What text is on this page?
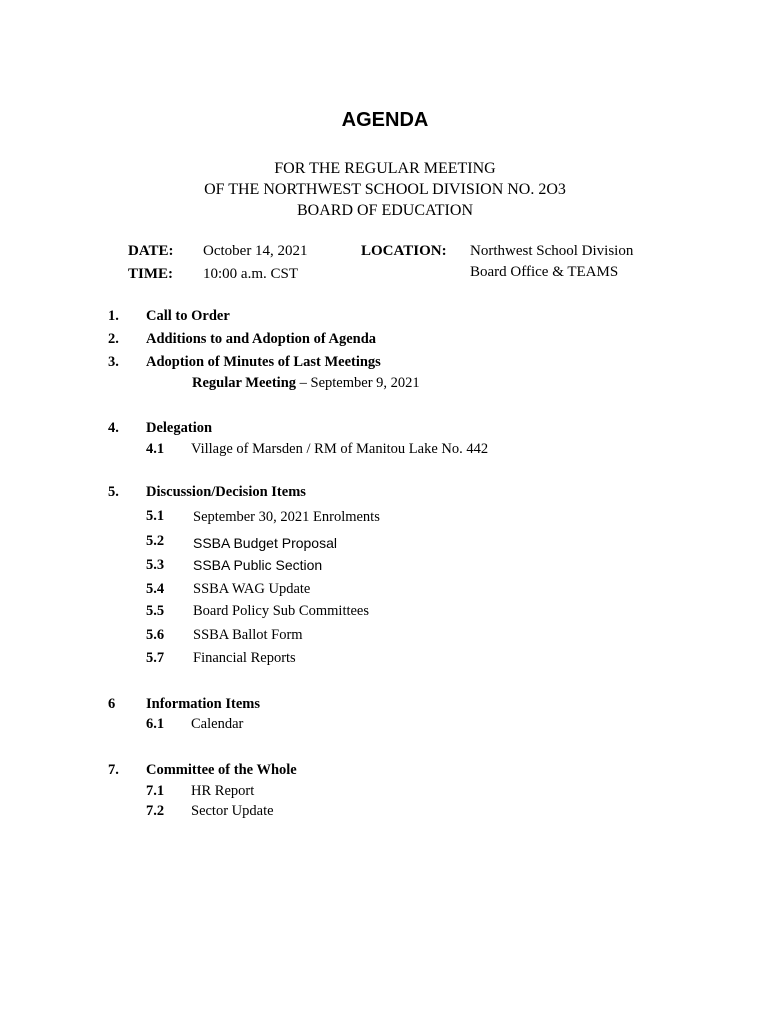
AGENDA
FOR THE REGULAR MEETING
OF THE NORTHWEST SCHOOL DIVISION NO. 2O3
BOARD OF EDUCATION
DATE: October 14, 2021
TIME: 10:00 a.m. CST
LOCATION: Northwest School Division
Board Office & TEAMS
1. Call to Order
2. Additions to and Adoption of Agenda
3. Adoption of Minutes of Last Meetings
Regular Meeting – September 9, 2021
4. Delegation
4.1 Village of Marsden / RM of Manitou Lake No. 442
5. Discussion/Decision Items
5.1 September 30, 2021 Enrolments
5.2 SSBA Budget Proposal
5.3 SSBA Public Section
5.4 SSBA WAG Update
5.5 Board Policy Sub Committees
5.6 SSBA Ballot Form
5.7 Financial Reports
6 Information Items
6.1 Calendar
7. Committee of the Whole
7.1 HR Report
7.2 Sector Update
